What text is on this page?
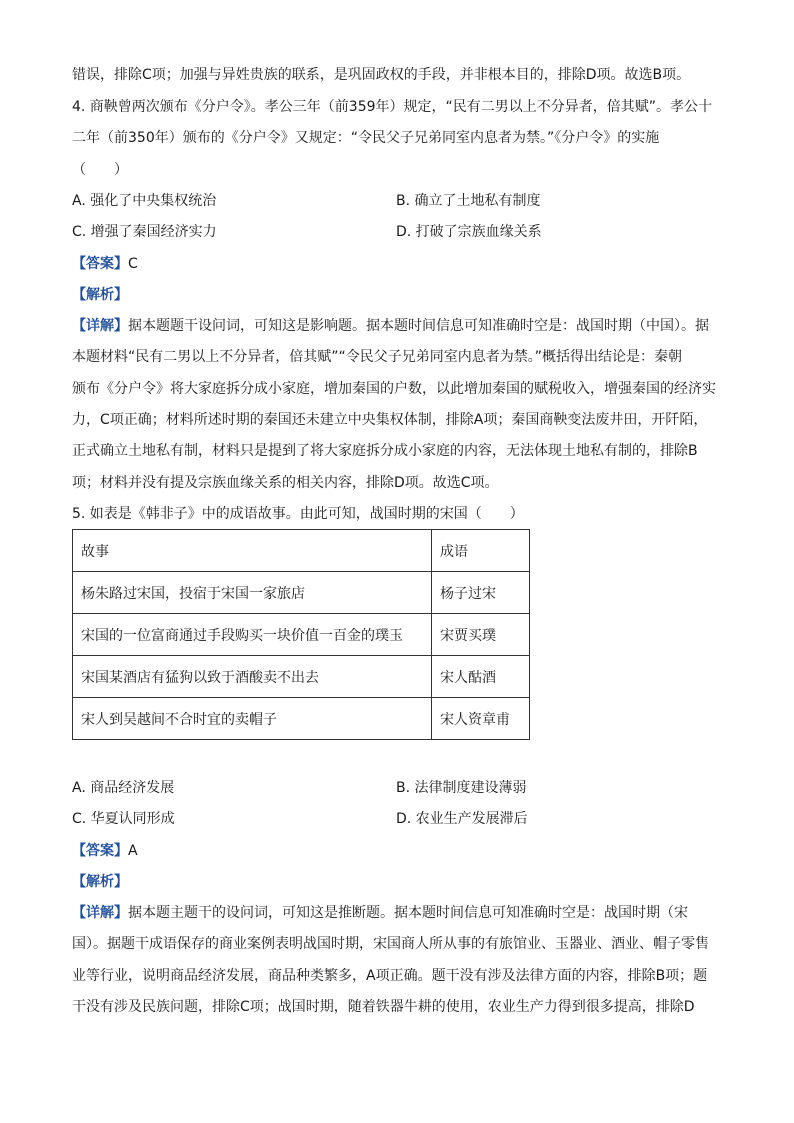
错误，排除C项；加强与异姓贵族的联系，是巩固政权的手段，并非根本目的，排除D项。故选B项。
4. 商鞅曾两次颁布《分户令》。孝公三年（前359年）规定，“民有二男以上不分异者，倍其赋”。孝公十
二年（前350年）颁布的《分户令》又规定：“令民父子兄弟同室内息者为禁。”《分户令》的实施
（　　）
A. 强化了中央集权统治	B. 确立了土地私有制度
C. 增强了秦国经济实力	D. 打破了宗族血缘关系
【答案】C
【解析】
【详解】据本题题干设问词，可知这是影响题。据本题时间信息可知准确时空是：战国时期（中国）。据
本题材料“民有二男以上不分异者，倍其赋”“令民父子兄弟同室内息者为禁。”概括得出结论是：秦朝
颁布《分户令》将大家庭拆分成小家庭，增加秦国的户数，以此增加秦国的赋税收入，增强秦国的经济实
力，C项正确；材料所述时期的秦国还未建立中央集权体制，排除A项；秦国商鞅变法废井田，开阡陌，
正式确立土地私有制，材料只是提到了将大家庭拆分成小家庭的内容，无法体现土地私有制的，排除B
项；材料并没有提及宗族血缘关系的相关内容，排除D项。故选C项。
5. 如表是《韩非子》中的成语故事。由此可知，战国时期的宋国（　　）
故事	成语
杨朱路过宋国，投宿于宋国一家旅店	杨子过宋
宋国的一位富商通过手段购买一块价值一百金的璞玉	宋贾买璞
宋国某酒店有猛狗以致于酒酸卖不出去	宋人酤酒
宋人到吴越间不合时宜的卖帽子	宋人资章甫
A. 商品经济发展	B. 法律制度建设薄弱
C. 华夏认同形成	D. 农业生产发展滞后
【答案】A
【解析】
【详解】据本题主题干的设问词，可知这是推断题。据本题时间信息可知准确时空是：战国时期（宋
国）。据题干成语保存的商业案例表明战国时期，宋国商人所从事的有旅馆业、玉器业、酒业、帽子零售
业等行业，说明商品经济发展，商品种类繁多，A项正确。题干没有涉及法律方面的内容，排除B项；题
干没有涉及民族问题，排除C项；战国时期，随着铁器牛耕的使用，农业生产力得到很多提高，排除D
